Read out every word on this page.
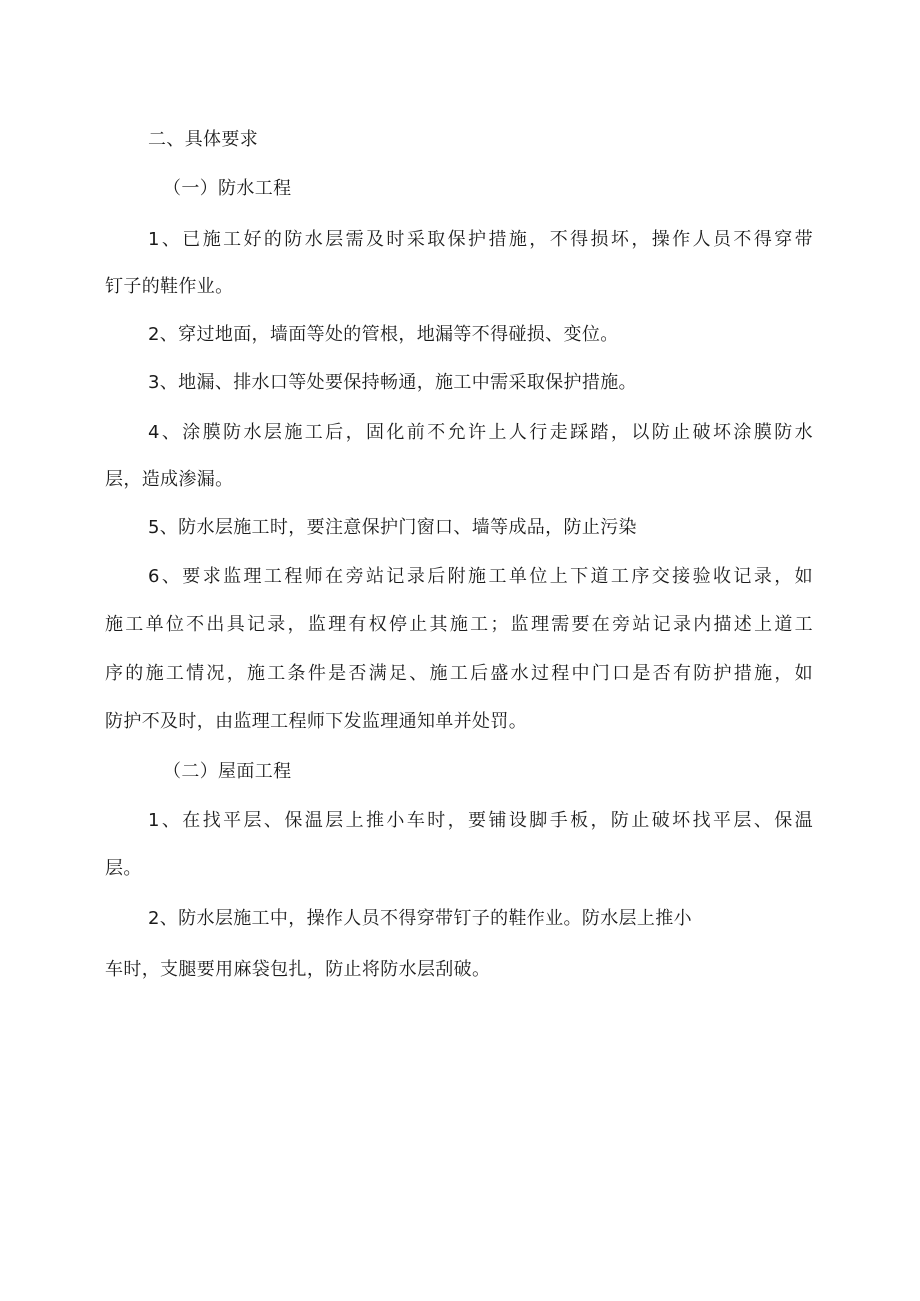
二、具体要求
（一）防水工程
1、已施工好的防水层需及时采取保护措施，不得损坏，操作人员不得穿带
钉子的鞋作业。
2、穿过地面，墙面等处的管根，地漏等不得碰损、变位。
3、地漏、排水口等处要保持畅通，施工中需采取保护措施。
4、涂膜防水层施工后，固化前不允许上人行走踩踏，以防止破坏涂膜防水
层，造成渗漏。
5、防水层施工时，要注意保护门窗口、墙等成品，防止污染
6、要求监理工程师在旁站记录后附施工单位上下道工序交接验收记录，如
施工单位不出具记录，监理有权停止其施工；监理需要在旁站记录内描述上道工
序的施工情况，施工条件是否满足、施工后盛水过程中门口是否有防护措施，如
防护不及时，由监理工程师下发监理通知单并处罚。
（二）屋面工程
1、在找平层、保温层上推小车时，要铺设脚手板，防止破坏找平层、保温
层。
2、防水层施工中，操作人员不得穿带钉子的鞋作业。防水层上推小
车时，支腿要用麻袋包扎，防止将防水层刮破。
